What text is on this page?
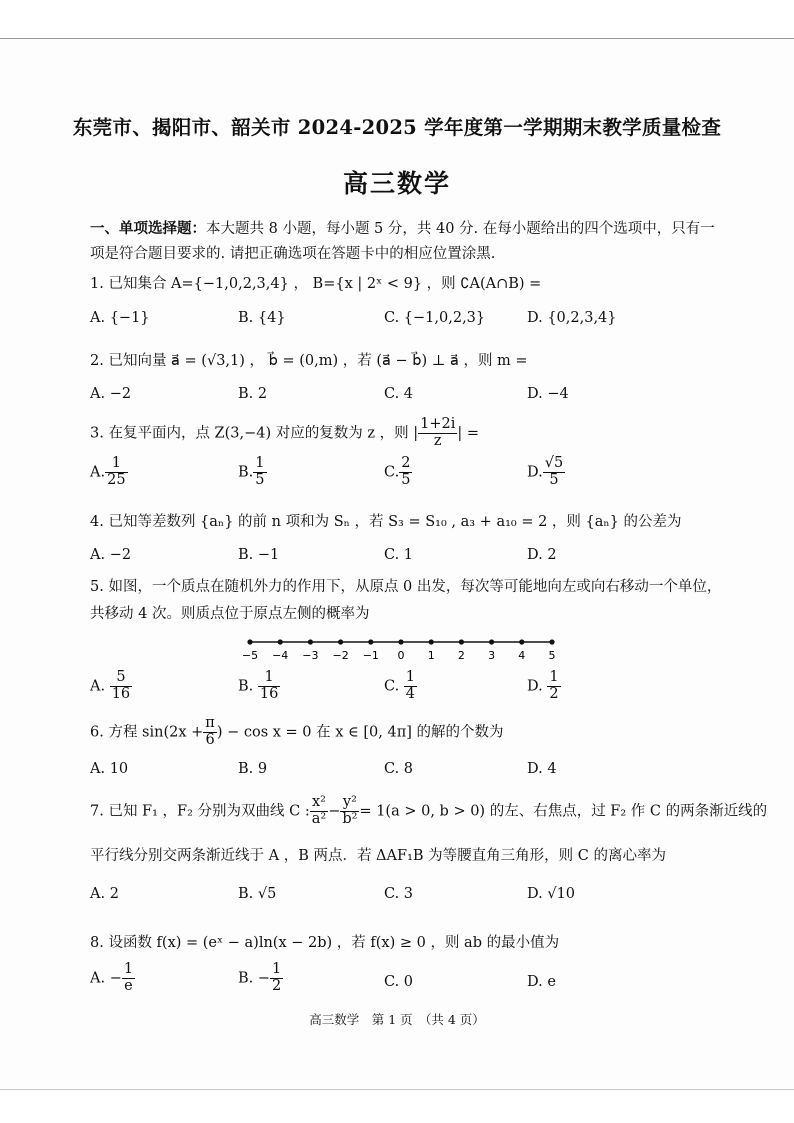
东莞市、揭阳市、韶关市 2024-2025 学年度第一学期期末教学质量检查
高三数学
一、单项选择题：本大题共 8 小题，每小题 5 分，共 40 分. 在每小题给出的四个选项中，只有一项是符合题目要求的. 请把正确选项在答题卡中的相应位置涂黑.
1. 已知集合 A={−1,0,2,3,4} ， B={x | 2ˣ < 9} ，则 ∁A(A∩B) =
A. {−1}	B. {4}	C. {−1,0,2,3}	D. {0,2,3,4}
2. 已知向量 a⃗ = (√3,1) ， b⃗ = (0,m) ，若 (a⃗ − b⃗) ⊥ a⃗ ，则 m =
A. −2	B. 2	C. 4	D. −4
3. 在复平面内，点 Z(3,−4) 对应的复数为 z ，则 | $\frac{1+2i}{z}$ | =
A. $\frac{1}{25}$	B. $\frac{1}{5}$	C. $\frac{2}{5}$	D. $\frac{√5}{5}$
4. 已知等差数列 {aₙ} 的前 n 项和为 Sₙ ，若 S₃ = S₁₀ , a₃ + a₁₀ = 2 ，则 {aₙ} 的公差为
A. −2	B. −1	C. 1	D. 2
5. 如图，一个质点在随机外力的作用下，从原点 0 出发，每次等可能地向左或向右移动一个单位，
共移动 4 次。则质点位于原点左侧的概率为
−5 −4 −3 −2 −1 0 1 2 3 4 5
A. $\frac{5}{16}$	B. $\frac{1}{16}$	C. $\frac{1}{4}$	D. $\frac{1}{2}$
6. 方程 $\sin(2x + \frac{\pi}{6}$ ) − cos x = 0 在 x ∈ [0, 4π] 的解的个数为
A. 10	B. 9	C. 8	D. 4
7. 已知 F₁ ，F₂ 分别为双曲线 C : $\frac{\text{x²}}{\text{a²}} - \frac{\text{y²}}{\text{b²}} = 1(a > 0$, b > 0) 的左、右焦点，过 F₂ 作 C 的两条渐近线的
平行线分别交两条渐近线于 A ，B 两点．若 ΔAF₁B 为等腰直角三角形，则 C 的离心率为
A. 2	B. √5	C. 3	D. √10
8. 设函数 f(x) = (eˣ − a)ln(x − 2b) ，若 f(x) ≥ 0 ，则 ab 的最小值为
A. − $\frac{1}{e}$	B. − $\frac{1}{2}$	C. 0	D. e
高三数学　第 1 页　（共 4 页）
